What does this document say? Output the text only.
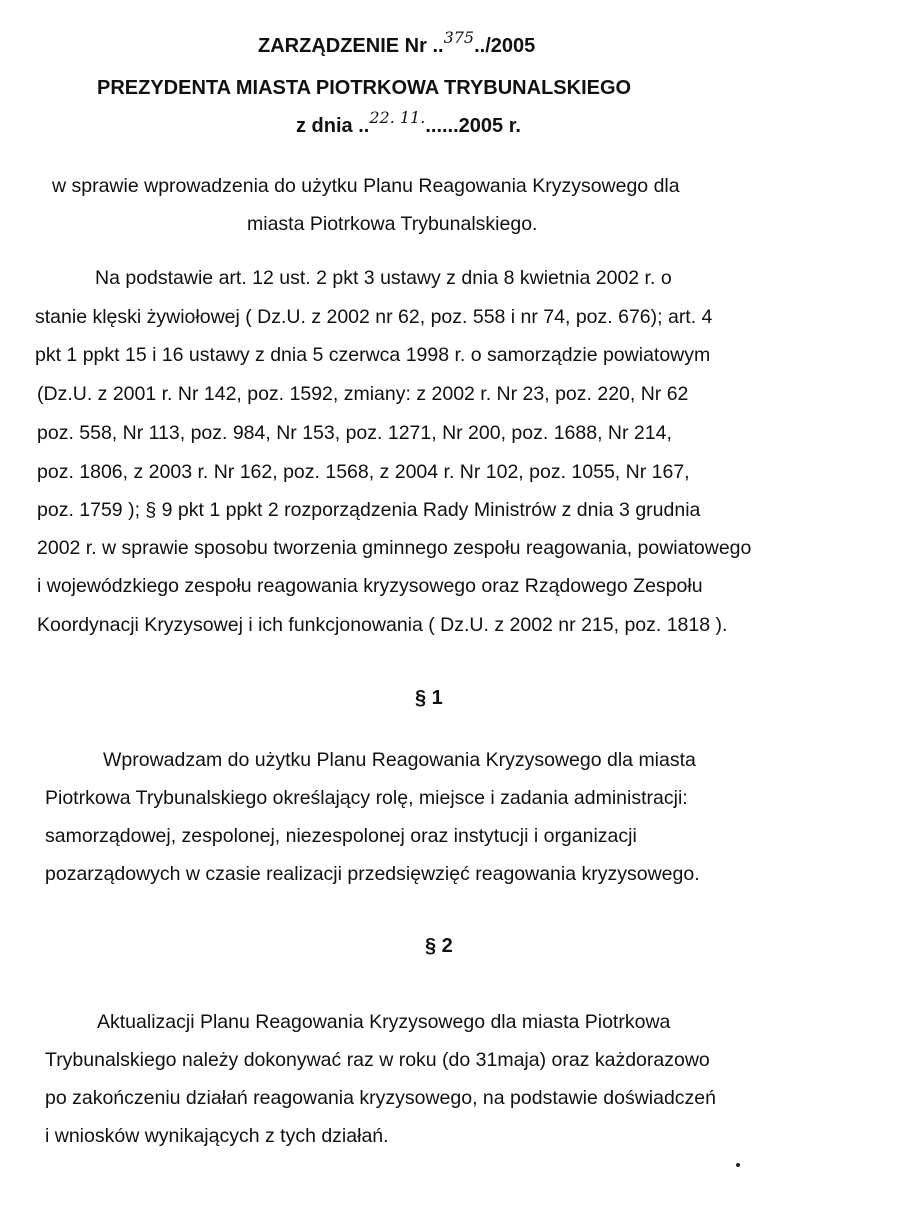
ZARZĄDZENIE Nr ..$^{375}$../2005
PREZYDENTA MIASTA PIOTRKOWA TRYBUNALSKIEGO
z dnia ..$^{22. 11.}$......2005 r.
w sprawie wprowadzenia do użytku Planu Reagowania Kryzysowego dla
miasta Piotrkowa Trybunalskiego.
Na podstawie art. 12 ust. 2 pkt 3 ustawy z dnia 8 kwietnia 2002 r. o
stanie klęski żywiołowej ( Dz.U. z 2002 nr 62, poz. 558 i nr 74, poz. 676); art. 4
pkt 1 ppkt 15 i 16 ustawy z dnia 5 czerwca 1998 r. o samorządzie powiatowym
(Dz.U. z 2001 r. Nr 142, poz. 1592, zmiany: z 2002 r. Nr 23, poz. 220, Nr 62
poz. 558, Nr 113, poz. 984, Nr 153, poz. 1271, Nr 200, poz. 1688, Nr 214,
poz. 1806, z 2003 r. Nr 162, poz. 1568, z 2004 r. Nr 102, poz. 1055, Nr 167,
poz. 1759 ); § 9 pkt 1 ppkt 2 rozporządzenia Rady Ministrów z dnia 3 grudnia
2002 r. w sprawie sposobu tworzenia gminnego zespołu reagowania, powiatowego
i wojewódzkiego zespołu reagowania kryzysowego oraz Rządowego Zespołu
Koordynacji Kryzysowej i ich funkcjonowania ( Dz.U. z 2002 nr 215, poz. 1818 ).
§ 1
Wprowadzam do użytku Planu Reagowania Kryzysowego dla miasta
Piotrkowa Trybunalskiego określający rolę, miejsce i zadania administracji:
samorządowej, zespolonej, niezespolonej oraz instytucji i organizacji
pozarządowych w czasie realizacji przedsięwzięć reagowania kryzysowego.
§ 2
Aktualizacji Planu Reagowania Kryzysowego dla miasta Piotrkowa
Trybunalskiego należy dokonywać raz w roku (do 31maja) oraz każdorazowo
po zakończeniu działań reagowania kryzysowego, na podstawie doświadczeń
i wniosków wynikających z tych działań.
